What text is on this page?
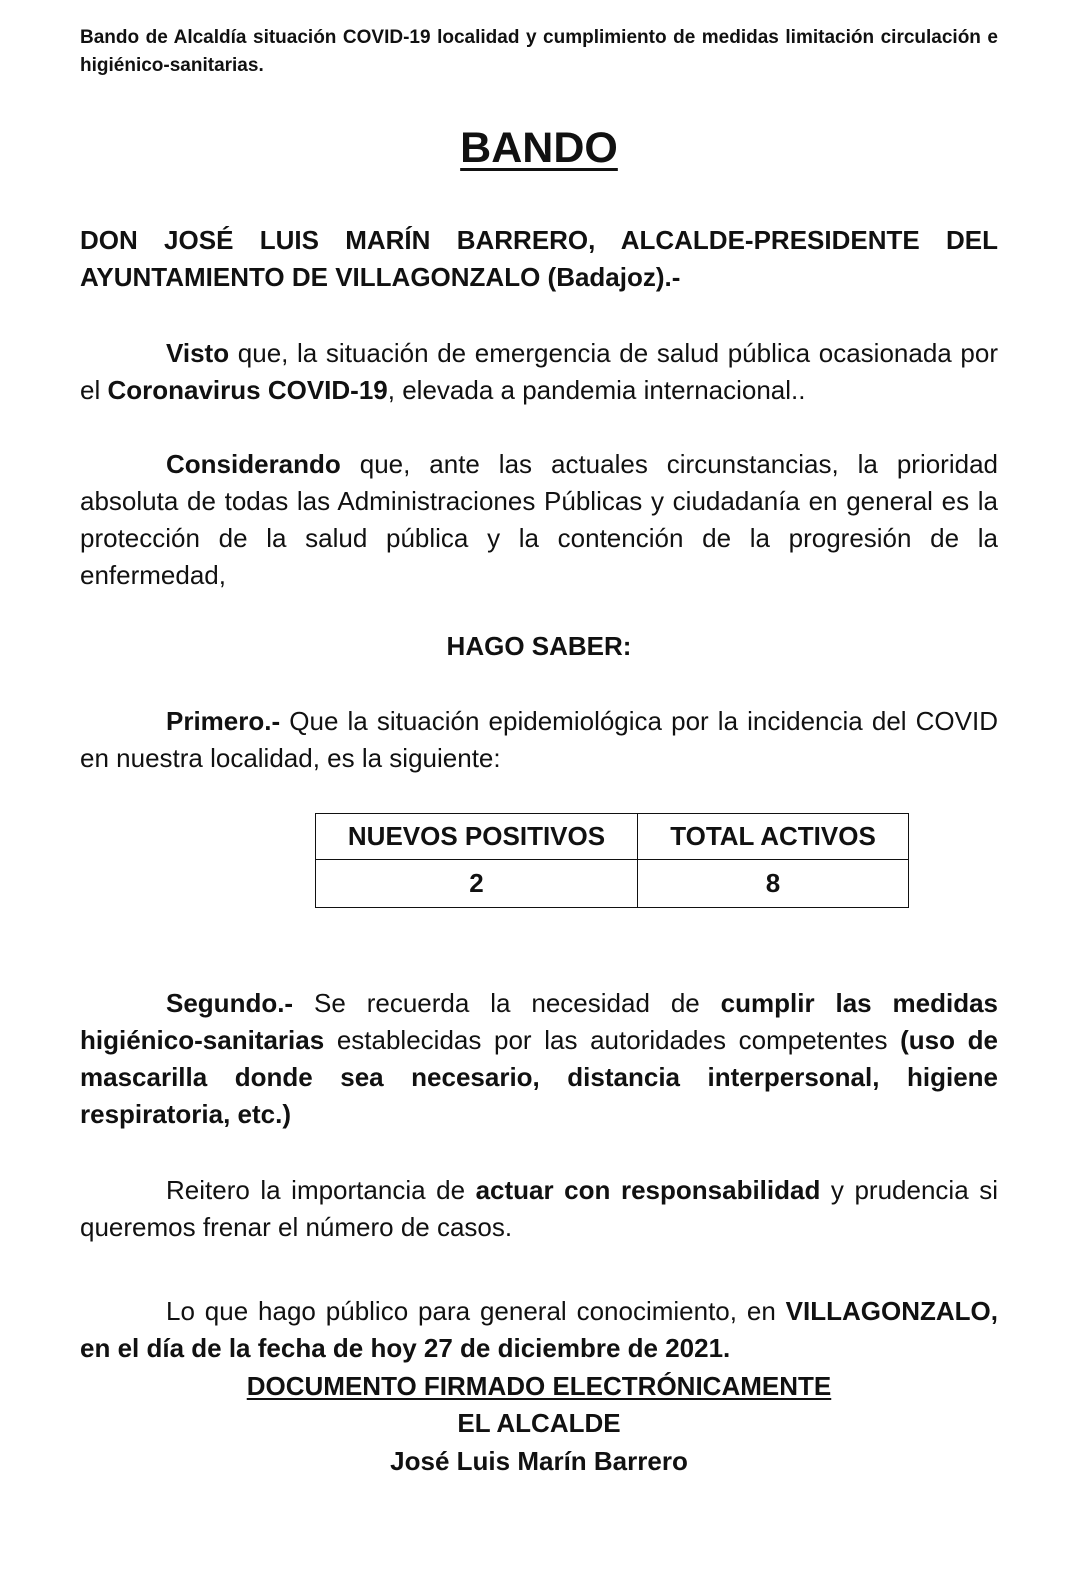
Bando de Alcaldía situación COVID-19 localidad y cumplimiento de medidas limitación circulación e higiénico-sanitarias.
BANDO
DON JOSÉ LUIS MARÍN BARRERO, ALCALDE-PRESIDENTE DEL AYUNTAMIENTO DE VILLAGONZALO (Badajoz).-
Visto que, la situación de emergencia de salud pública ocasionada por el Coronavirus COVID-19, elevada a pandemia internacional..
Considerando que, ante las actuales circunstancias, la prioridad absoluta de todas las Administraciones Públicas y ciudadanía en general es la protección de la salud pública y la contención de la progresión de la enfermedad,
HAGO SABER:
Primero.- Que la situación epidemiológica por la incidencia del COVID en nuestra localidad, es la siguiente:
NUEVOS POSITIVOS	TOTAL ACTIVOS
2	8
Segundo.- Se recuerda la necesidad de cumplir las medidas higiénico-sanitarias establecidas por las autoridades competentes (uso de mascarilla donde sea necesario, distancia interpersonal, higiene respiratoria, etc.)
Reitero la importancia de actuar con responsabilidad y prudencia si queremos frenar el número de casos.
Lo que hago público para general conocimiento, en VILLAGONZALO, en el día de la fecha de hoy 27 de diciembre de 2021.
DOCUMENTO FIRMADO ELECTRÓNICAMENTE
EL ALCALDE
José Luis Marín Barrero
